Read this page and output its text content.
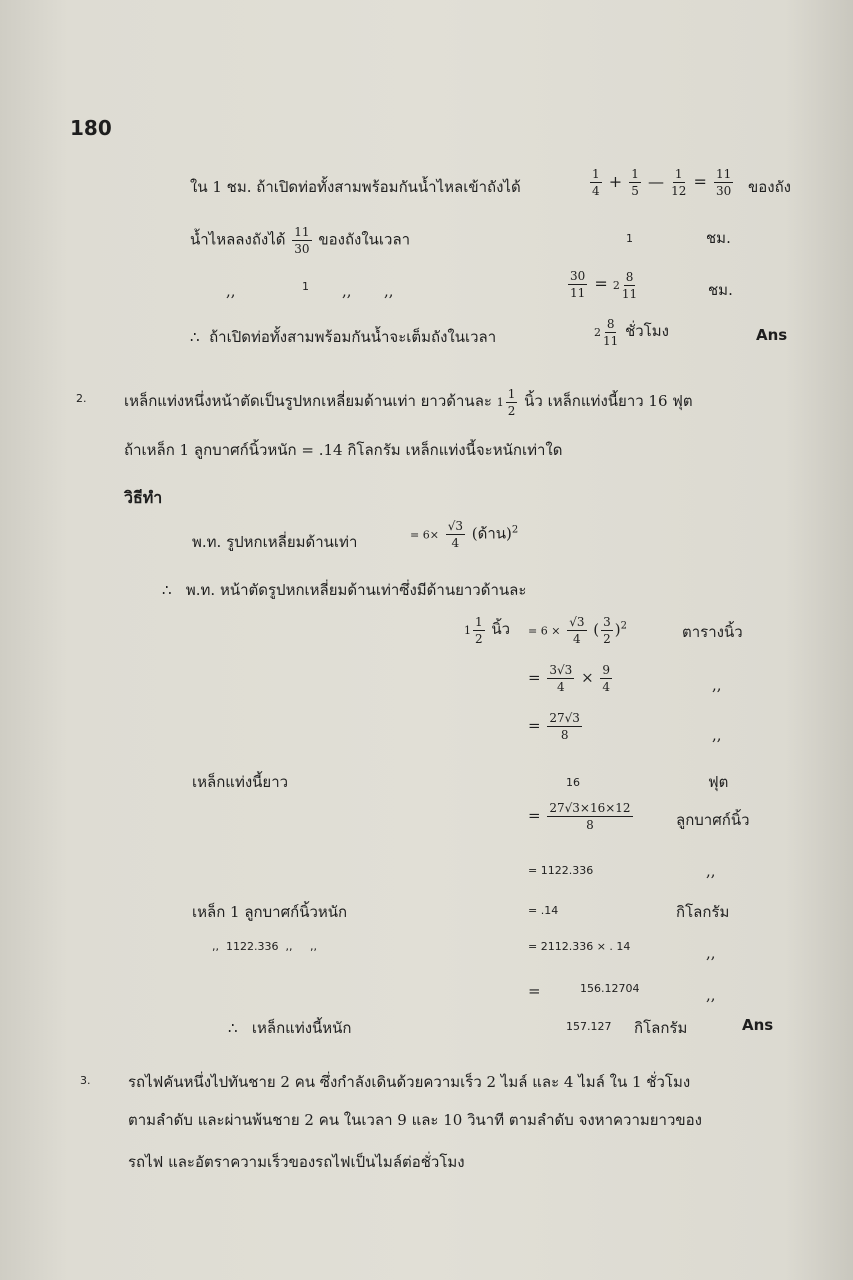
180
ใน 1 ชม. ถ้าเปิดท่อทั้งสามพร้อมกันน้ำไหลเข้าถังได้	$\frac{1}{4} + \frac{1}{5}$ — $\frac{1}{12} = \frac{11}{30}$ ของถัง
น้ำไหลลงถังได้ $\frac{11}{30}$ ของถังในเวลา	1	ชม.
,,	1 ,, ,,	$\frac{30}{11} = 2 \frac{8}{11}$	ชม.
∴ ถ้าเปิดท่อทั้งสามพร้อมกันน้ำจะเต็มถังในเวลา	$2 \frac{8}{11}$ ชั่วโมง	Ans
2.	เหล็กแท่งหนึ่งหน้าตัดเป็นรูปหกเหลี่ยมด้านเท่า ยาวด้านละ $1 \frac{1}{2}$ นิ้ว เหล็กแท่งนี้ยาว 16 ฟุต
ถ้าเหล็ก 1 ลูกบาศก์นิ้วหนัก = .14 กิโลกรัม เหล็กแท่งนี้จะหนักเท่าใด
วิธีทำ
พ.ท. รูปหกเหลี่ยมด้านเท่า	= $6\times \frac{√3}{4}$ (ด้าน)$^2$
∴ พ.ท. หน้าตัดรูปหกเหลี่ยมด้านเท่าซึ่งมีด้านยาวด้านละ
$1 \frac{1}{2}$ นิ้ว = $6 \times \frac{√3}{4}$ ( $\frac{3}{2} )^2$	ตารางนิ้ว
= $\frac{3√3}{4} \times \frac{9}{4}$	,,
= $\frac{27√3}{8}$	,,
เหล็กแท่งนี้ยาว	16	ฟุต
= $\frac{27√3\times 16\times 12}{8}$	ลูกบาศก์นิ้ว
= 1122.336	,,
เหล็ก 1 ลูกบาศก์นิ้วหนัก	= .14	กิโลกรัม
,, 1122.336 ,, ,,	= 2112.336 × . 14	,,
=	156.12704	,,
∴ เหล็กแท่งนี้หนัก	157.127 กิโลกรัม	Ans
3.	รถไฟคันหนึ่งไปทันชาย 2 คน ซึ่งกำลังเดินด้วยความเร็ว 2 ไมล์ และ 4 ไมล์ ใน 1 ชั่วโมง
ตามลำดับ และผ่านพ้นชาย 2 คน ในเวลา 9 และ 10 วินาที ตามลำดับ จงหาความยาวของ
รถไฟ และอัตราความเร็วของรถไฟเป็นไมล์ต่อชั่วโมง
